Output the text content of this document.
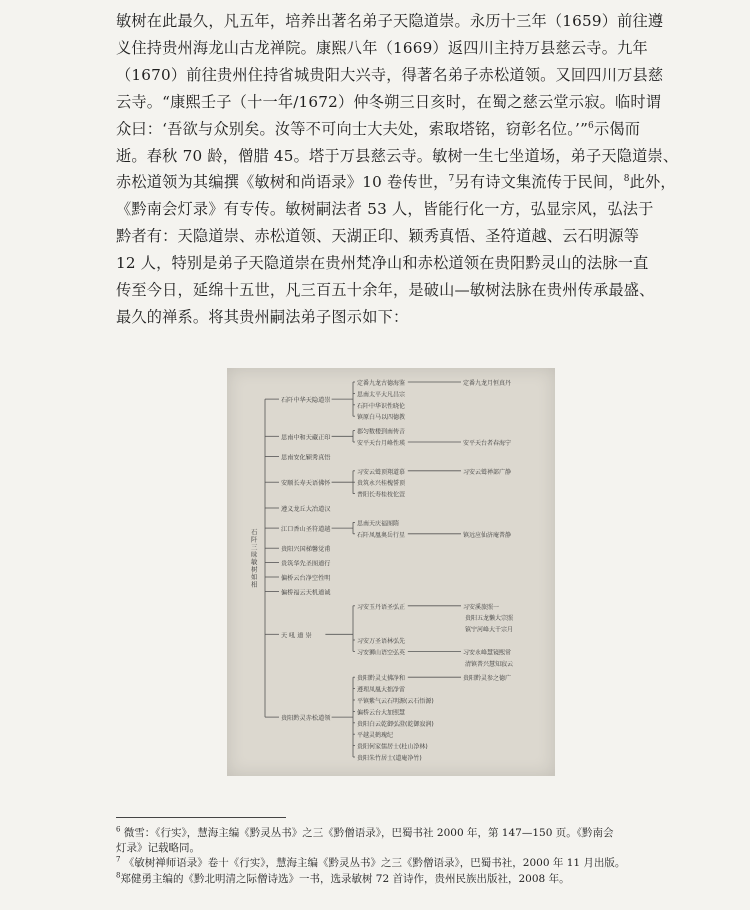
敏树在此最久，凡五年，培养出著名弟子天隐道崇。永历十三年（1659）前往遵
义住持贵州海龙山古龙禅院。康熙八年（1669）返四川主持万县慈云寺。九年
（1670）前往贵州住持省城贵阳大兴寺，得著名弟子赤松道领。又回四川万县慈
云寺。“康熙壬子（十一年/1672）仲冬朔三日亥时，在蜀之慈云堂示寂。临时谓
众曰：‘吾欲与众别矣。汝等不可向士大夫处，索取塔铭，窃彰名位。’”$^6$示偈而
逝。春秋 70 龄，僧腊 45。塔于万县慈云寺。敏树一生七坐道场，弟子天隐道崇、
赤松道领为其编撰《敏树和尚语录》10 卷传世，$^7$另有诗文集流传于民间，$^8$此外，
《黔南会灯录》有专传。敏树嗣法者 53 人，皆能行化一方，弘显宗风，弘法于
黔者有：天隐道崇、赤松道领、天湖正印、颖秀真悟、圣符道越、云石明源等
12 人，特别是弟子天隐道崇在贵州梵净山和赤松道领在贵阳黔灵山的法脉一直
传至今日，延绵十五世，凡三百五十余年，是破山—敏树法脉在贵州传承最盛、
最久的禅系。将其贵州嗣法弟子图示如下：
石阡中华天隐道崇
定番九龙古德海鉴	定番九龙月恒真丹
思南太平大凡昌宗
石阡中华识性晓伦
镇原白马以四德教
思南中和天藏正印
郡匀数楼到南传音
安平天台月峰性瑛	安平天台者春海宁
思南安化颖秀真悟
安顺长寿天语佛怀
习安云鹫顶翔道慕	习安云鹫禅部广静
贵筑永兴桂槐誓顶
普阳长寿桂枝佗萱
遵义龙丘大冶道汉
江口香山圣符道越
思南天庆福图隋
石阡凤凰奥岳行星	镇远应仙济庵普静
贵阳兴国梯馨觉甫
贵筑华先圣图道行
偏桥云台净空性明
偏桥福云天机道诚
天 吼 道 崇
习安玉丹语圣弘正	习安溪旅照一
贵阳五龙懒大宗照
镇宁河峰大千宗月
习安万圣语林弘先
习安狮山语空弘英	习安永峰慧镜熙常
清镇普兴慧知寂云
贵阳黔灵赤松道领
贵阳黔灵丈拂净和	贵阳黔灵参之德广
遵理凤凰大拙净雷
平镇紫气云石明源(云石悟源)
偏桥云台大加照慧
贵阳白云乾御弘澄(乾御寂润)
平越灵鹤瑰纪
贵阳何家儒居士(杜山净林)
贵阳朱竹居士(道庵净竹)
石
阡
三
昧
敏
树
如
相
$^6$ 微雪：《行实》，慧海主编《黔灵丛书》之三《黔僧语录》，巴蜀书社 2000 年，第 147—150 页。《黔南会
灯录》记载略同。
$^7$ 《敏树禅师语录》卷十《行实》，慧海主编《黔灵丛书》之三《黔僧语录》，巴蜀书社，2000 年 11 月出版。
$^8$郑健勇主编的《黔北明清之际僧诗选》一书，选录敏树 72 首诗作，贵州民族出版社，2008 年。
